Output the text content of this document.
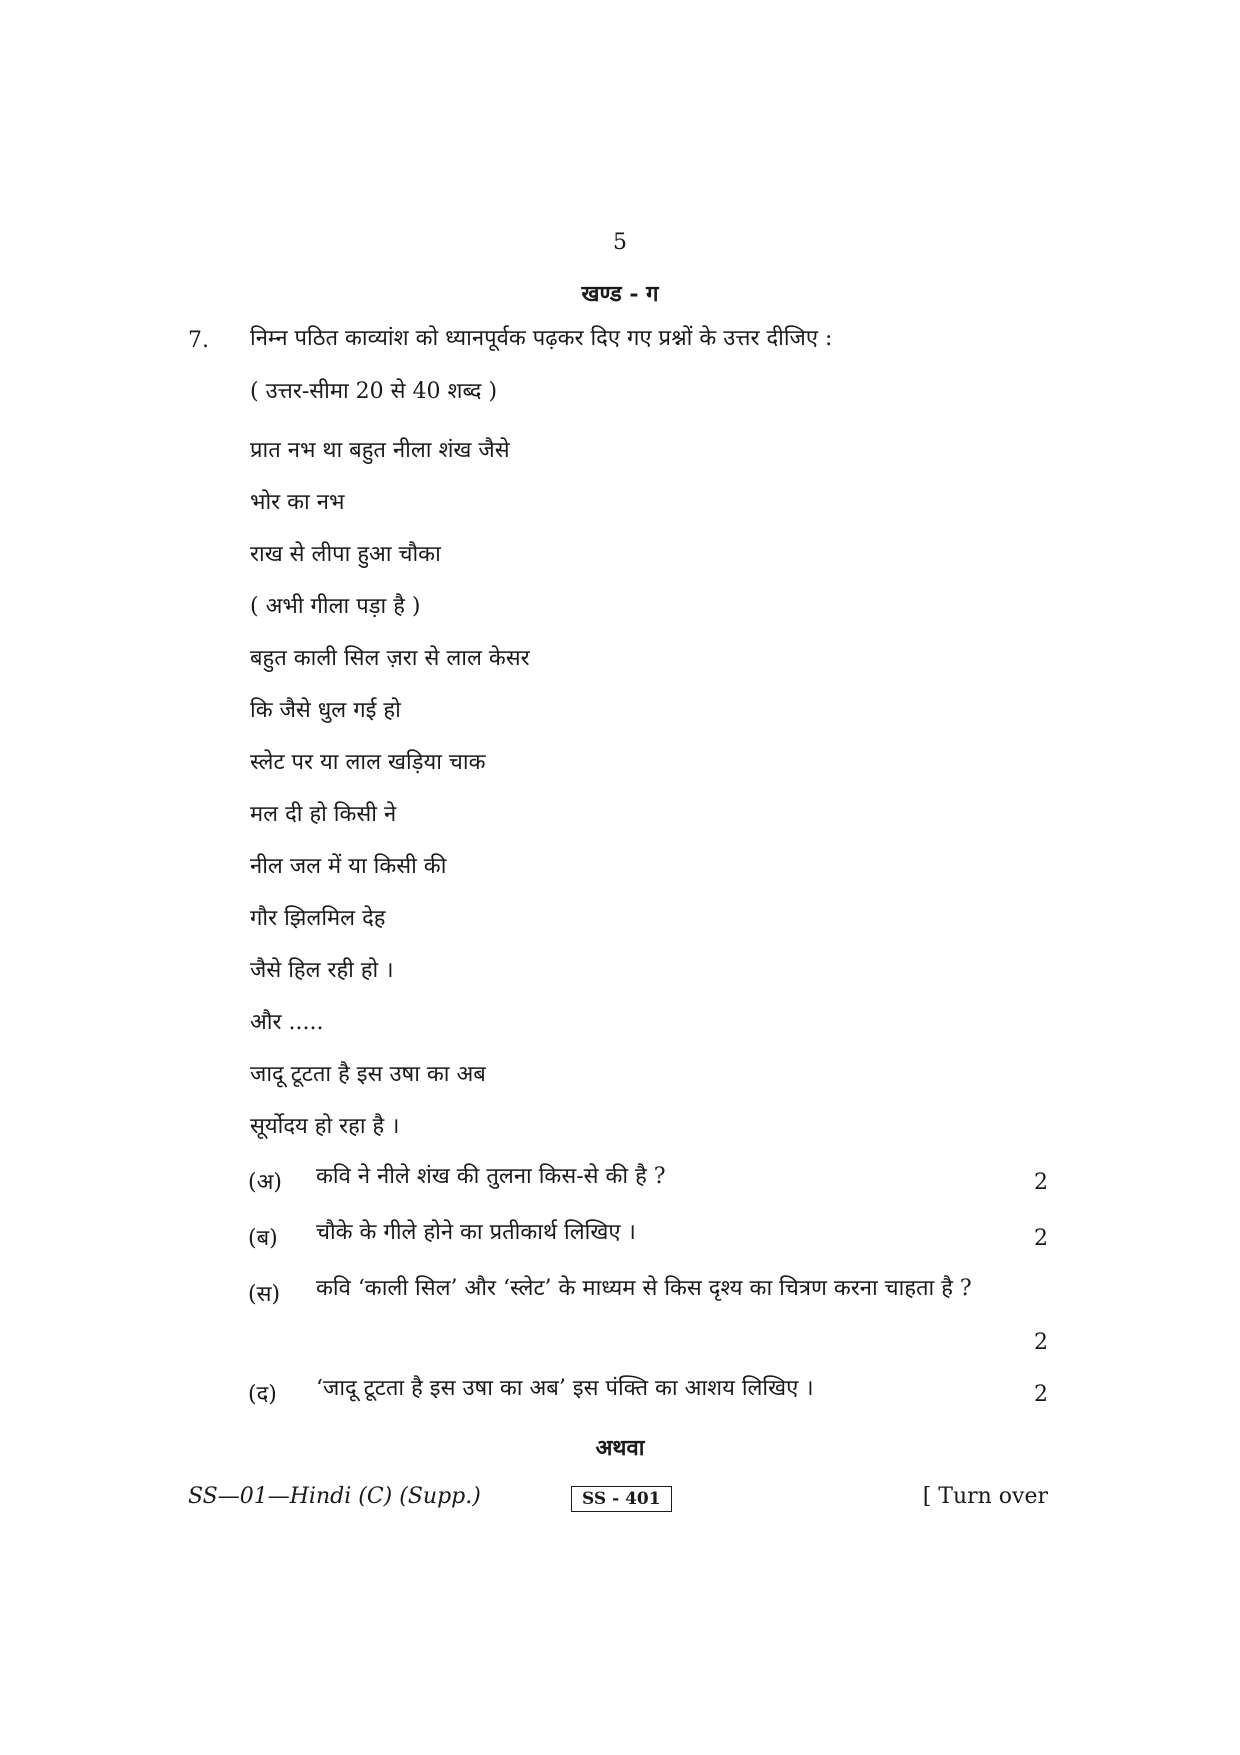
5
खण्ड - ग
7. निम्न पठित काव्यांश को ध्यानपूर्वक पढ़कर दिए गए प्रश्नों के उत्तर दीजिए :
( उत्तर-सीमा 20 से 40 शब्द )
प्रात नभ था बहुत नीला शंख जैसे
भोर का नभ
राख से लीपा हुआ चौका
( अभी गीला पड़ा है )
बहुत काली सिल ज़रा से लाल केसर
कि जैसे धुल गई हो
स्लेट पर या लाल खड़िया चाक
मल दी हो किसी ने
नील जल में या किसी की
गौर झिलमिल देह
जैसे हिल रही हो ।
और .....
जादू टूटता है इस उषा का अब
सूर्योदय हो रहा है ।
(अ)	कवि ने नीले शंख की तुलना किस-से की है ?	2
(ब)	चौके के गीले होने का प्रतीकार्थ लिखिए ।	2
(स)	कवि ‘काली सिल’ और ‘स्लेट’ के माध्यम से किस दृश्य का चित्रण करना चाहता है ?
2
(द)	‘जादू टूटता है इस उषा का अब’ इस पंक्ति का आशय लिखिए ।	2
अथवा
SS—01—Hindi (C) (Supp.)	SS - 401	[ Turn over
